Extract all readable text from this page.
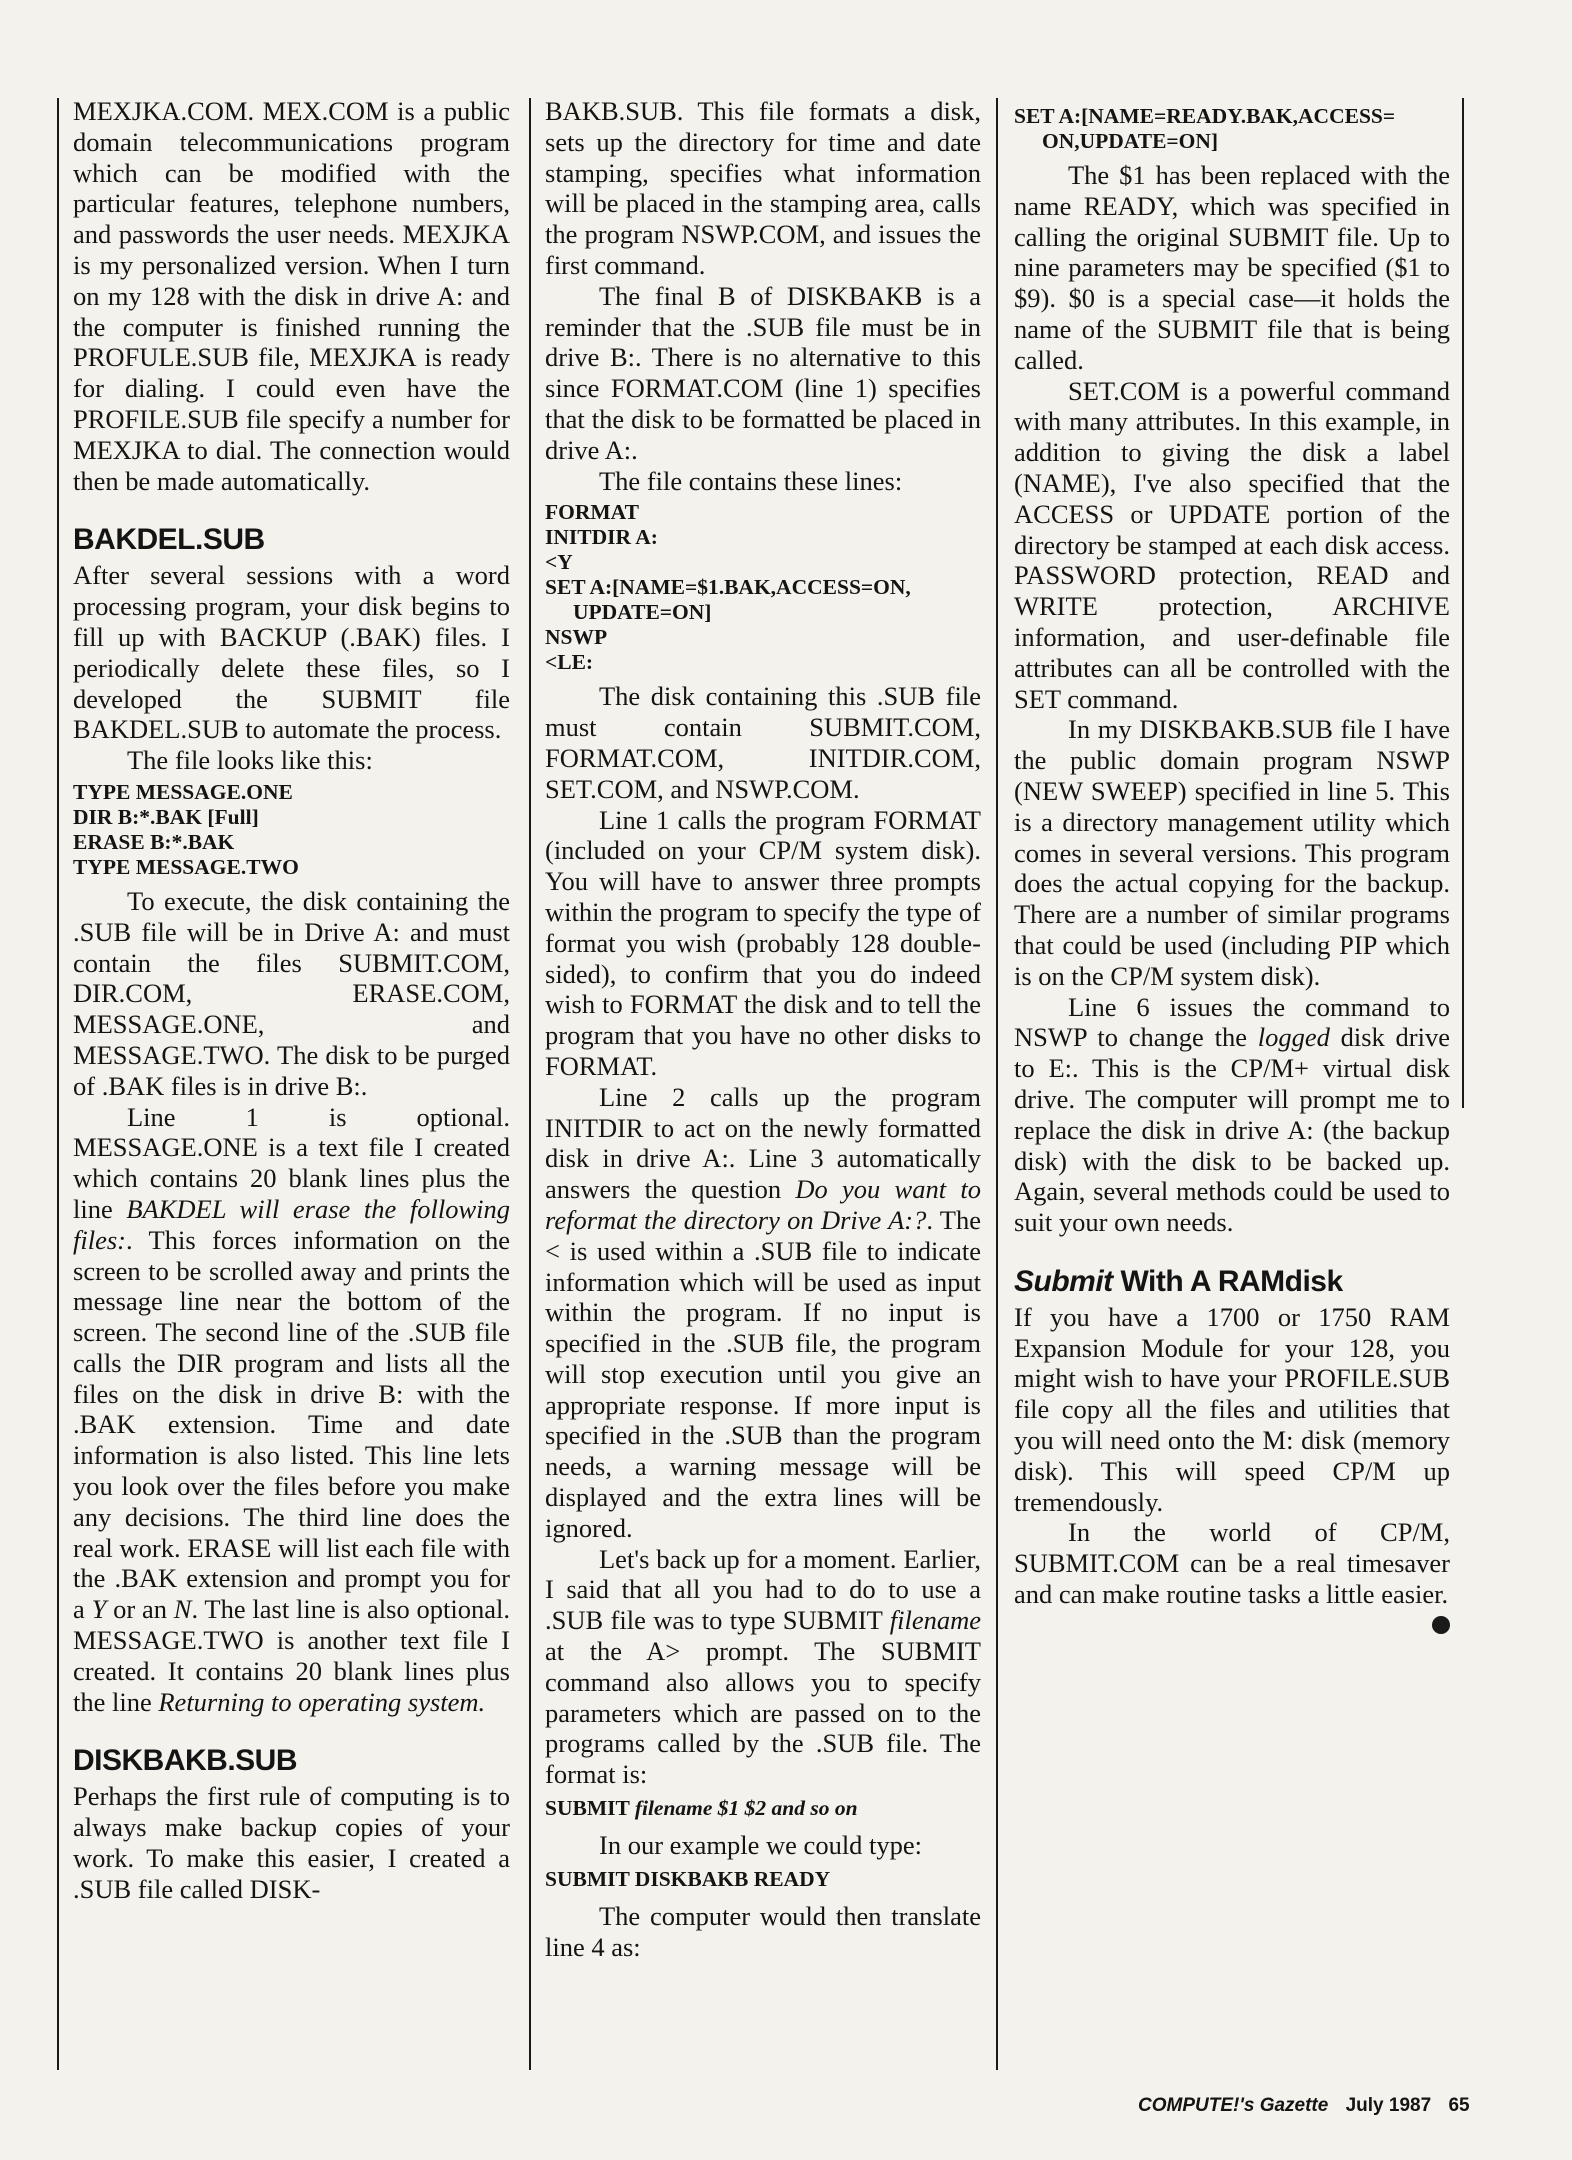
MEXJKA.COM. MEX.COM is a public domain telecommunications program which can be modified with the particular features, telephone numbers, and passwords the user needs. MEXJKA is my personalized version. When I turn on my 128 with the disk in drive A: and the computer is finished running the PROFULE.SUB file, MEXJKA is ready for dialing. I could even have the PROFILE.SUB file specify a number for MEXJKA to dial. The connection would then be made automatically.

BAKDEL.SUB

After several sessions with a word processing program, your disk begins to fill up with BACKUP (.BAK) files. I periodically delete these files, so I developed the SUBMIT file BAKDEL.SUB to automate the process.

The file looks like this:

TYPE MESSAGE.ONE
DIR B:*.BAK [Full]
ERASE B:*.BAK
TYPE MESSAGE.TWO

To execute, the disk containing the .SUB file will be in Drive A: and must contain the files SUBMIT.COM, DIR.COM, ERASE.COM, MESSAGE.ONE, and MESSAGE.TWO. The disk to be purged of .BAK files is in drive B:.

Line 1 is optional. MESSAGE.ONE is a text file I created which contains 20 blank lines plus the line BAKDEL will erase the following files:. This forces information on the screen to be scrolled away and prints the message line near the bottom of the screen. The second line of the .SUB file calls the DIR program and lists all the files on the disk in drive B: with the .BAK extension. Time and date information is also listed. This line lets you look over the files before you make any decisions. The third line does the real work. ERASE will list each file with the .BAK extension and prompt you for a Y or an N. The last line is also optional. MESSAGE.TWO is another text file I created. It contains 20 blank lines plus the line Returning to operating system.

DISKBAKB.SUB

Perhaps the first rule of computing is to always make backup copies of your work. To make this easier, I created a .SUB file called DISK-

BAKB.SUB. This file formats a disk, sets up the directory for time and date stamping, specifies what information will be placed in the stamping area, calls the program NSWP.COM, and issues the first command.

The final B of DISKBAKB is a reminder that the .SUB file must be in drive B:. There is no alternative to this since FORMAT.COM (line 1) specifies that the disk to be formatted be placed in drive A:.

The file contains these lines:

FORMAT
INITDIR A:
<Y
SET A:[NAME=$1.BAK,ACCESS=ON,
UPDATE=ON]
NSWP
<LE:

The disk containing this .SUB file must contain SUBMIT.COM, FORMAT.COM, INITDIR.COM, SET.COM, and NSWP.COM.

Line 1 calls the program FORMAT (included on your CP/M system disk). You will have to answer three prompts within the program to specify the type of format you wish (probably 128 double-sided), to confirm that you do indeed wish to FORMAT the disk and to tell the program that you have no other disks to FORMAT.

Line 2 calls up the program INITDIR to act on the newly formatted disk in drive A:. Line 3 automatically answers the question Do you want to reformat the directory on Drive A:?. The < is used within a .SUB file to indicate information which will be used as input within the program. If no input is specified in the .SUB file, the program will stop execution until you give an appropriate response. If more input is specified in the .SUB than the program needs, a warning message will be displayed and the extra lines will be ignored.

Let's back up for a moment. Earlier, I said that all you had to do to use a .SUB file was to type SUBMIT filename at the A> prompt. The SUBMIT command also allows you to specify parameters which are passed on to the programs called by the .SUB file. The format is:

SUBMIT filename $1 $2 and so on

In our example we could type:

SUBMIT DISKBAKB READY

The computer would then translate line 4 as:

SET A:[NAME=READY.BAK,ACCESS=
ON,UPDATE=ON]

The $1 has been replaced with the name READY, which was specified in calling the original SUBMIT file. Up to nine parameters may be specified ($1 to $9). $0 is a special case—it holds the name of the SUBMIT file that is being called.

SET.COM is a powerful command with many attributes. In this example, in addition to giving the disk a label (NAME), I've also specified that the ACCESS or UPDATE portion of the directory be stamped at each disk access. PASSWORD protection, READ and WRITE protection, ARCHIVE information, and user-definable file attributes can all be controlled with the SET command.

In my DISKBAKB.SUB file I have the public domain program NSWP (NEW SWEEP) specified in line 5. This is a directory management utility which comes in several versions. This program does the actual copying for the backup. There are a number of similar programs that could be used (including PIP which is on the CP/M system disk).

Line 6 issues the command to NSWP to change the logged disk drive to E:. This is the CP/M+ virtual disk drive. The computer will prompt me to replace the disk in drive A: (the backup disk) with the disk to be backed up. Again, several methods could be used to suit your own needs.

Submit With A RAMdisk

If you have a 1700 or 1750 RAM Expansion Module for your 128, you might wish to have your PROFILE.SUB file copy all the files and utilities that you will need onto the M: disk (memory disk). This will speed CP/M up tremendously.

In the world of CP/M, SUBMIT.COM can be a real timesaver and can make routine tasks a little easier.

COMPUTE!'s Gazette July 1987 65
